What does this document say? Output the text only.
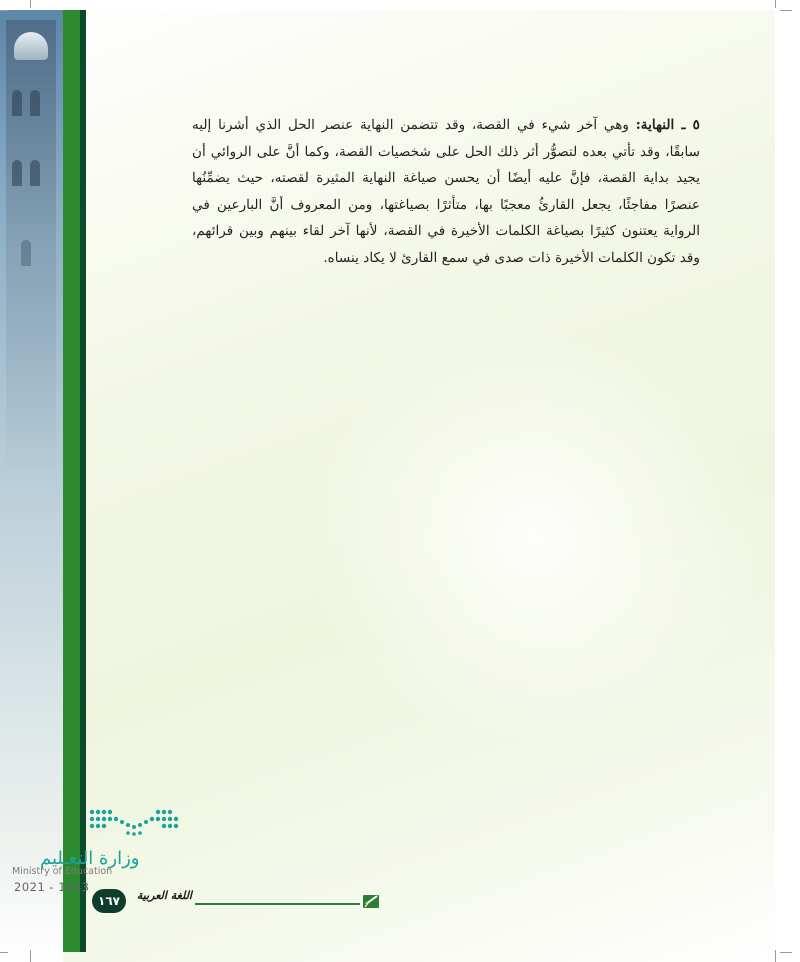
٥ ـ النهاية: وهي آخر شيء في القصة، وقد تتضمن النهاية عنصر الحل الذي أشرنا إليه سابقًا، وقد تأتي بعده لتصوُّر أثر ذلك الحل على شخصيات القصة، وكما أنَّ على الروائي أن يجيد بداية القصة، فإنَّ عليه أيضًا أن يحسن صياغة النهاية المثيرة لقصته، حيث يضمِّنُها عنصرًا مفاجئًا، يجعل القارئُ معجبًا بها، متأثرًا بصياغتها، ومن المعروف أنَّ البارعين في الرواية يعتنون كثيرًا بصياغة الكلمات الأخيرة في القصة، لأنها آخر لقاء بينهم وبين قرائهم، وقد تكون الكلمات الأخيرة ذات صدى في سمع القارئ لا يكاد ينساه.

وزارة التعـليم
Ministry of Education
2021 - 1443
١٦٧	اللغة العربية
